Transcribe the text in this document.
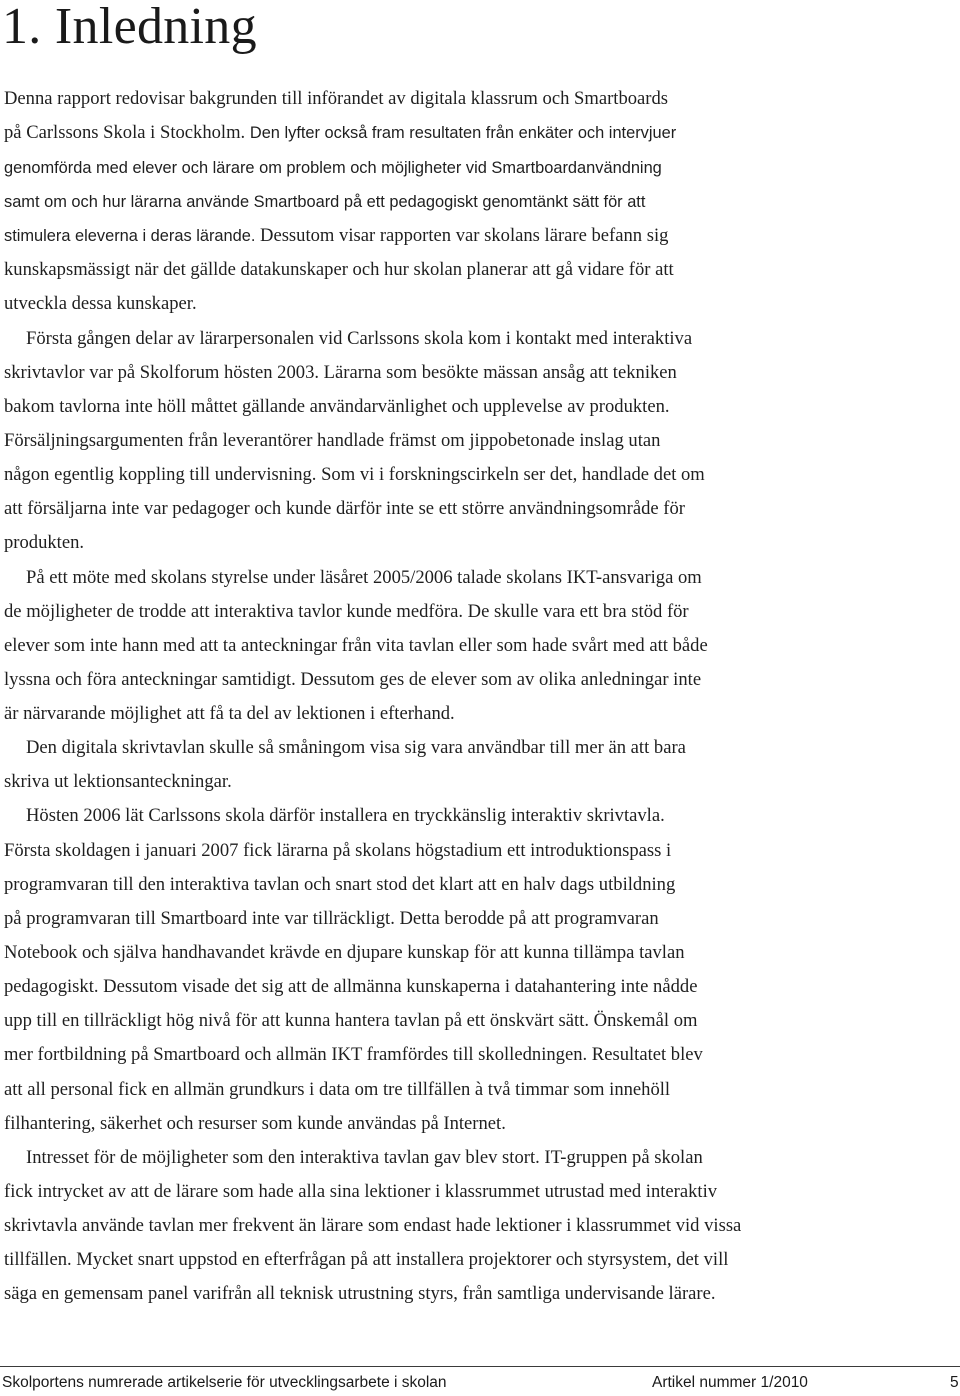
1. Inledning
Denna rapport redovisar bakgrunden till införandet av digitala klassrum och Smartboards
på Carlssons Skola i Stockholm. Den lyfter också fram resultaten från enkäter och intervjuer
genomförda med elever och lärare om problem och möjligheter vid Smartboardanvändning
samt om och hur lärarna använde Smartboard på ett pedagogiskt genomtänkt sätt för att
stimulera eleverna i deras lärande. Dessutom visar rapporten var skolans lärare befann sig
kunskapsmässigt när det gällde datakunskaper och hur skolan planerar att gå vidare för att
utveckla dessa kunskaper.
Första gången delar av lärarpersonalen vid Carlssons skola kom i kontakt med interaktiva
skrivtavlor var på Skolforum hösten 2003. Lärarna som besökte mässan ansåg att tekniken
bakom tavlorna inte höll måttet gällande användarvänlighet och upplevelse av produkten.
Försäljningsargumenten från leverantörer handlade främst om jippobetonade inslag utan
någon egentlig koppling till undervisning. Som vi i forskningscirkeln ser det, handlade det om
att försäljarna inte var pedagoger och kunde därför inte se ett större användningsområde för
produkten.
På ett möte med skolans styrelse under läsåret 2005/2006 talade skolans IKT-ansvariga om
de möjligheter de trodde att interaktiva tavlor kunde medföra. De skulle vara ett bra stöd för
elever som inte hann med att ta anteckningar från vita tavlan eller som hade svårt med att både
lyssna och föra anteckningar samtidigt. Dessutom ges de elever som av olika anledningar inte
är närvarande möjlighet att få ta del av lektionen i efterhand.
Den digitala skrivtavlan skulle så småningom visa sig vara användbar till mer än att bara
skriva ut lektionsanteckningar.
Hösten 2006 lät Carlssons skola därför installera en tryckkänslig interaktiv skrivtavla.
Första skoldagen i januari 2007 fick lärarna på skolans högstadium ett introduktionspass i
programvaran till den interaktiva tavlan och snart stod det klart att en halv dags utbildning
på programvaran till Smartboard inte var tillräckligt. Detta berodde på att programvaran
Notebook och själva handhavandet krävde en djupare kunskap för att kunna tillämpa tavlan
pedagogiskt. Dessutom visade det sig att de allmänna kunskaperna i datahantering inte nådde
upp till en tillräckligt hög nivå för att kunna hantera tavlan på ett önskvärt sätt. Önskemål om
mer fortbildning på Smartboard och allmän IKT framfördes till skolledningen. Resultatet blev
att all personal fick en allmän grundkurs i data om tre tillfällen à två timmar som innehöll
filhantering, säkerhet och resurser som kunde användas på Internet.
Intresset för de möjligheter som den interaktiva tavlan gav blev stort. IT-gruppen på skolan
fick intrycket av att de lärare som hade alla sina lektioner i klassrummet utrustad med interaktiv
skrivtavla använde tavlan mer frekvent än lärare som endast hade lektioner i klassrummet vid vissa
tillfällen. Mycket snart uppstod en efterfrågan på att installera projektorer och styrsystem, det vill
säga en gemensam panel varifrån all teknisk utrustning styrs, från samtliga undervisande lärare.
Skolportens numrerade artikelserie för utvecklingsarbete i skolan	Artikel nummer 1/2010	5
